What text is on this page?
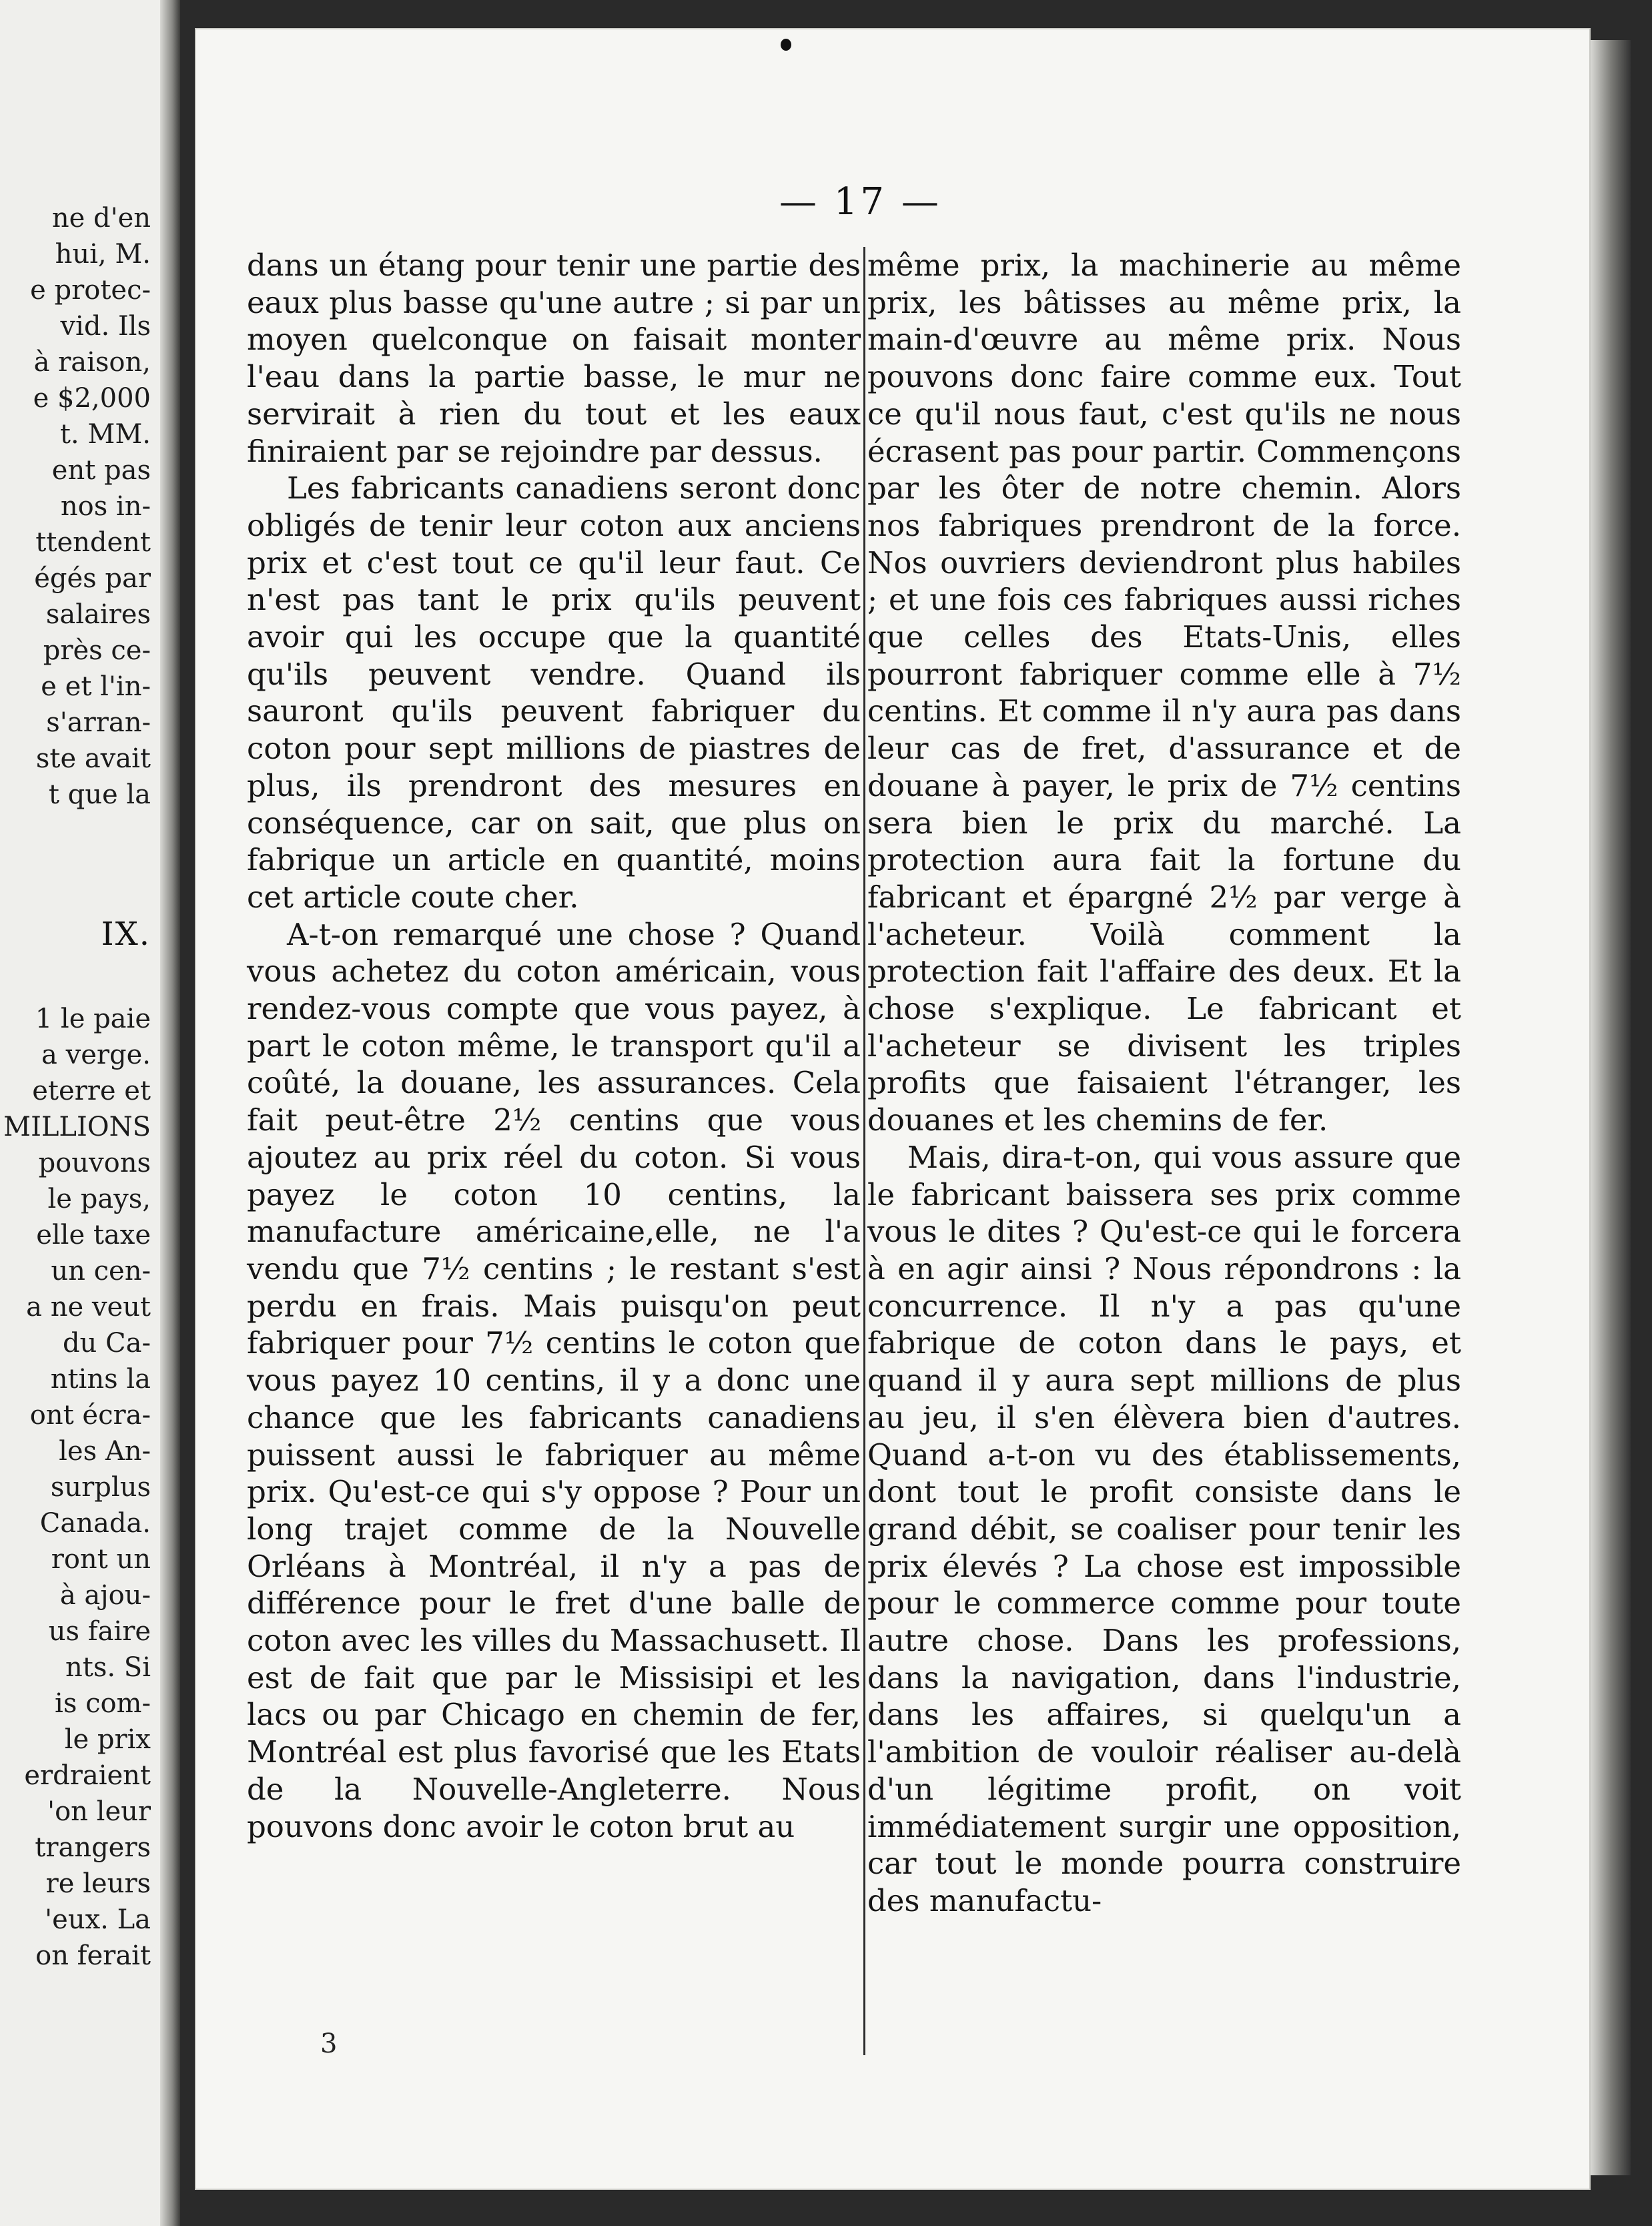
ne d'en
hui, M.
e protec-
vid. Ils
à raison,
e $2,000
t. MM.
ent pas
nos in-
ttendent
égés par
salaires
près ce-
e et l'in-
s'arran-
ste avait
t que la
IX.
1 le paie
a verge.
eterre et
MILLIONS
pouvons
le pays,
elle taxe
un cen-
a ne veut
du Ca-
ntins la
ont écra-
les An-
surplus
Canada.
ront un
à ajou-
us faire
nts. Si
is com-
le prix
erdraient
'on leur
trangers
re leurs
'eux. La
on ferait
— 17 —

dans un étang pour tenir une partie des eaux plus basse qu'une autre ; si par un moyen quelconque on faisait monter l'eau dans la partie basse, le mur ne servirait à rien du tout et les eaux finiraient par se rejoindre par dessus.

Les fabricants canadiens seront donc obligés de tenir leur coton aux anciens prix et c'est tout ce qu'il leur faut. Ce n'est pas tant le prix qu'ils peuvent avoir qui les occupe que la quantité qu'ils peuvent vendre. Quand ils sauront qu'ils peuvent fabriquer du coton pour sept millions de piastres de plus, ils prendront des mesures en conséquence, car on sait, que plus on fabrique un article en quantité, moins cet article coute cher.

A-t-on remarqué une chose ? Quand vous achetez du coton américain, vous rendez-vous compte que vous payez, à part le coton même, le transport qu'il a coûté, la douane, les assurances. Cela fait peut-être 2½ centins que vous ajoutez au prix réel du coton. Si vous payez le coton 10 centins, la manufacture américaine,elle, ne l'a vendu que 7½ centins ; le restant s'est perdu en frais. Mais puisqu'on peut fabriquer pour 7½ centins le coton que vous payez 10 centins, il y a donc une chance que les fabricants canadiens puissent aussi le fabriquer au même prix. Qu'est-ce qui s'y oppose ? Pour un long trajet comme de la Nouvelle Orléans à Montréal, il n'y a pas de différence pour le fret d'une balle de coton avec les villes du Massachusett. Il est de fait que par le Missisipi et les lacs ou par Chicago en chemin de fer, Montréal est plus favorisé que les Etats de la Nouvelle-Angleterre. Nous pouvons donc avoir le coton brut au

même prix, la machinerie au même prix, les bâtisses au même prix, la main-d'œuvre au même prix. Nous pouvons donc faire comme eux. Tout ce qu'il nous faut, c'est qu'ils ne nous écrasent pas pour partir. Commençons par les ôter de notre chemin. Alors nos fabriques prendront de la force. Nos ouvriers deviendront plus habiles ; et une fois ces fabriques aussi riches que celles des Etats-Unis, elles pourront fabriquer comme elle à 7½ centins. Et comme il n'y aura pas dans leur cas de fret, d'assurance et de douane à payer, le prix de 7½ centins sera bien le prix du marché. La protection aura fait la fortune du fabricant et épargné 2½ par verge à l'acheteur. Voilà comment la protection fait l'affaire des deux. Et la chose s'explique. Le fabricant et l'acheteur se divisent les triples profits que faisaient l'étranger, les douanes et les chemins de fer.

Mais, dira-t-on, qui vous assure que le fabricant baissera ses prix comme vous le dites ? Qu'est-ce qui le forcera à en agir ainsi ? Nous répondrons : la concurrence. Il n'y a pas qu'une fabrique de coton dans le pays, et quand il y aura sept millions de plus au jeu, il s'en élèvera bien d'autres. Quand a-t-on vu des établissements, dont tout le profit consiste dans le grand débit, se coaliser pour tenir les prix élevés ? La chose est impossible pour le commerce comme pour toute autre chose. Dans les professions, dans la navigation, dans l'industrie, dans les affaires, si quelqu'un a l'ambition de vouloir réaliser au-delà d'un légitime profit, on voit immédiatement surgir une opposition, car tout le monde pourra construire des manufactu-

3
